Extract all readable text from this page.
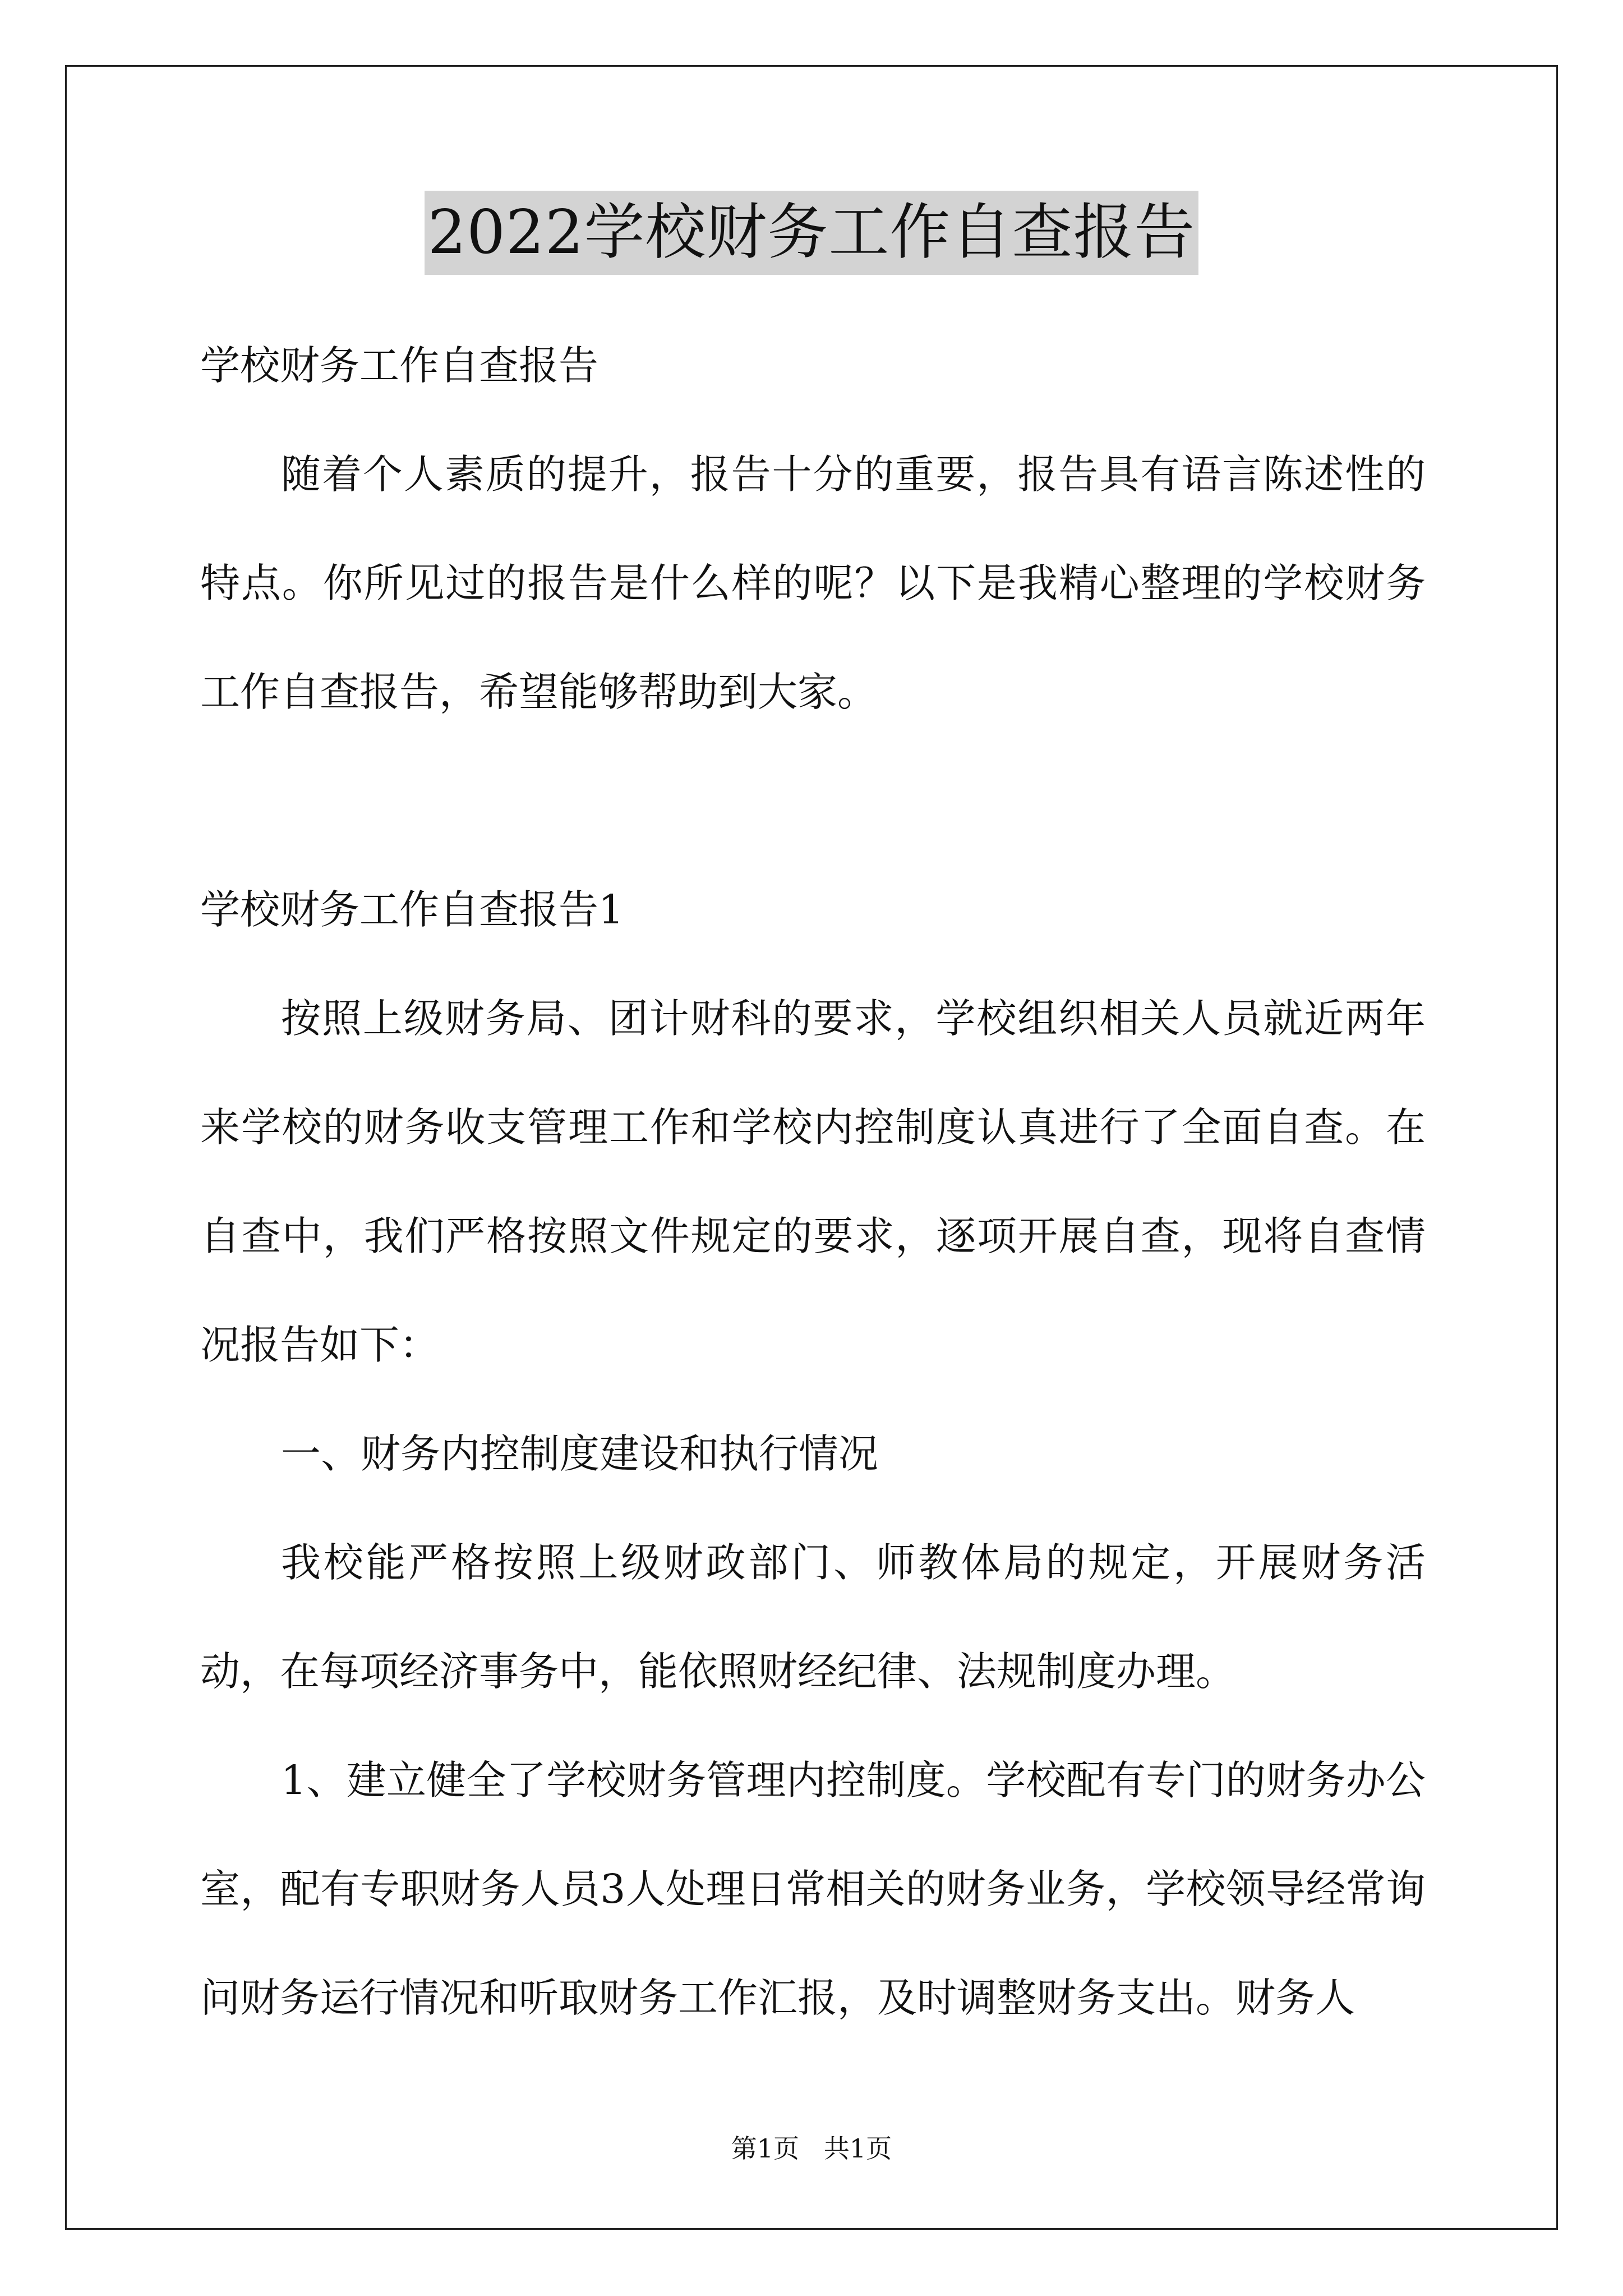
2022学校财务工作自查报告

学校财务工作自查报告

随着个人素质的提升，报告十分的重要，报告具有语言陈述性的特点。你所见过的报告是什么样的呢？以下是我精心整理的学校财务工作自查报告，希望能够帮助到大家。

学校财务工作自查报告1

按照上级财务局、团计财科的要求，学校组织相关人员就近两年来学校的财务收支管理工作和学校内控制度认真进行了全面自查。在自查中，我们严格按照文件规定的要求，逐项开展自查，现将自查情况报告如下：

一、财务内控制度建设和执行情况

我校能严格按照上级财政部门、师教体局的规定，开展财务活动，在每项经济事务中，能依照财经纪律、法规制度办理。

1、建立健全了学校财务管理内控制度。学校配有专门的财务办公室，配有专职财务人员3人处理日常相关的财务业务，学校领导经常询问财务运行情况和听取财务工作汇报，及时调整财务支出。财务人

第1页   共1页
